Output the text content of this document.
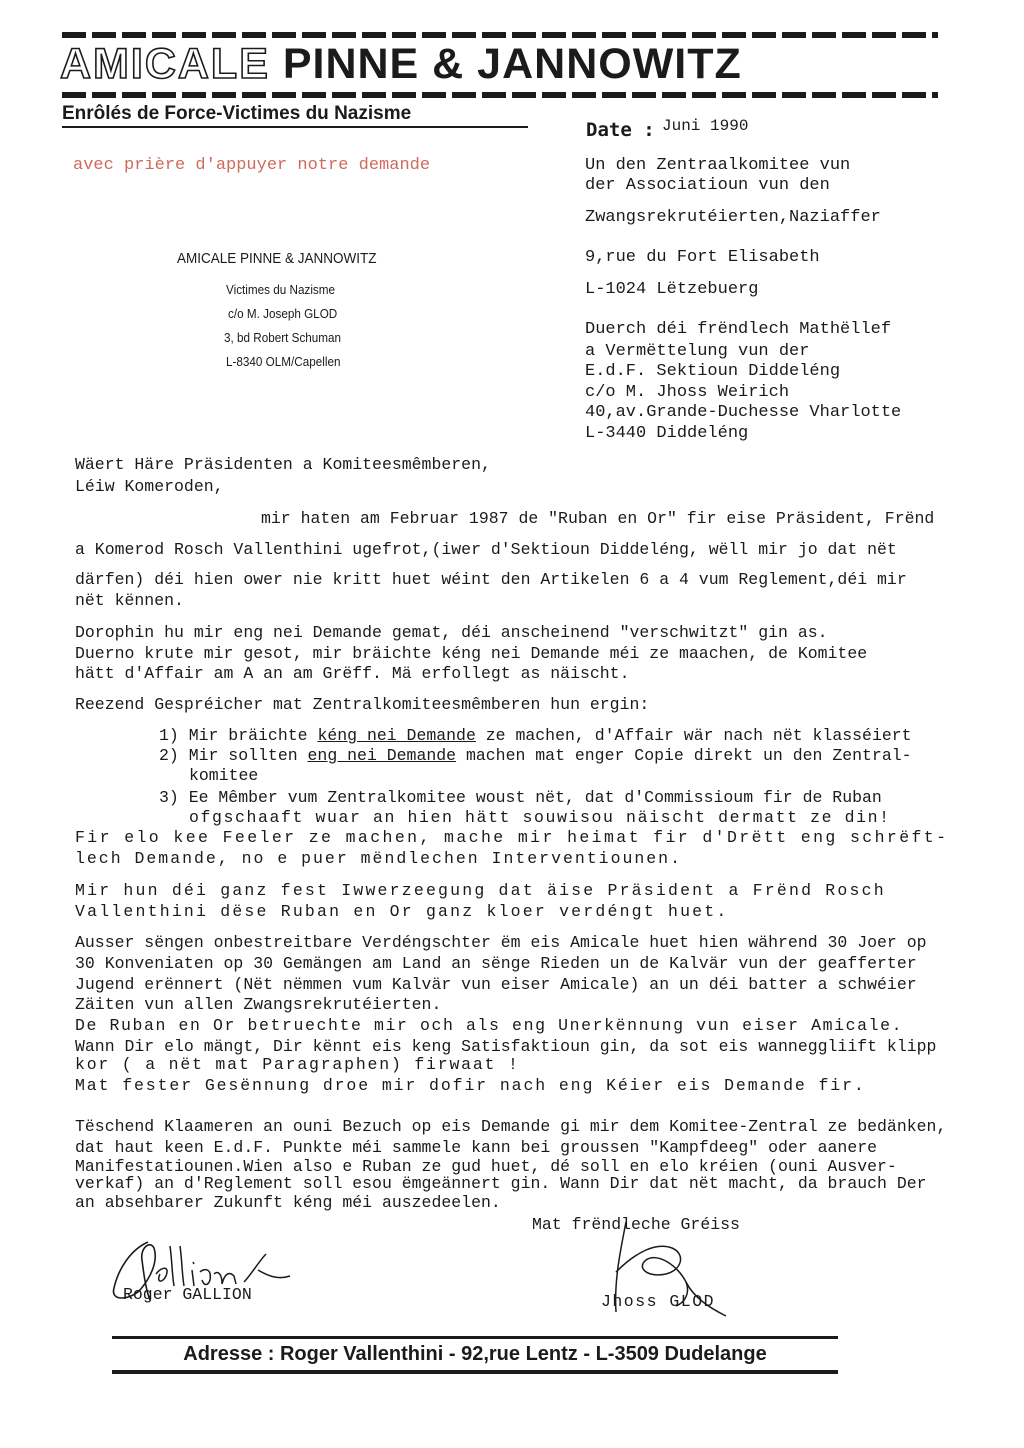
AMICALE PINNE & JANNOWITZ
Enrôlés de Force-Victimes du Nazisme
Date : Juni 1990
avec prière d'appuyer notre demande
AMICALE PINNE & JANNOWITZ
Victimes du Nazisme
c/o M. Joseph GLOD
3, bd Robert Schuman
L-8340 OLM/Capellen
Un den Zentraalkomitee vun
der Associatioun vun den
Zwangsrekrutéierten,Naziaffer
9,rue du Fort Elisabeth
L-1024 Lëtzebuerg
Duerch déi frëndlech Mathëllef
a Vermëttelung vun der
E.d.F. Sektioun Diddeléng
c/o M. Jhoss Weirich
40,av.Grande-Duchesse Vharlotte
L-3440 Diddeléng
Wäert Häre Präsidenten a Komiteesmêmberen,
Léiw Komeroden,
mir haten am Februar 1987 de "Ruban en Or" fir eise Präsident, Frënd
a Komerod Rosch Vallenthini ugefrot,(iwer d'Sektioun Diddeléng, wëll mir jo dat nët
därfen) déi hien ower nie kritt huet wéint den Artikelen 6 a 4 vum Reglement,déi mir
nët kënnen.
Dorophin hu mir eng nei Demande gemat, déi anscheinend "verschwitzt" gin as.
Duerno krute mir gesot, mir bräichte kéng nei Demande méi ze maachen, de Komitee
hätt d'Affair am A an am Grëff. Mä erfollegt as näischt.
Reezend Gespréicher mat Zentralkomiteesmêmberen hun ergin:
1) Mir bräichte kéng nei Demande ze machen, d'Affair wär nach nët klasséiert
2) Mir sollten eng nei Demande machen mat enger Copie direkt un den Zentral-
komitee
3) Ee Mêmber vum Zentralkomitee woust nët, dat d'Commissioum fir de Ruban
ofgschaaft wuar an hien hätt souwisou näischt dermatt ze din!
Fir elo kee Feeler ze machen, mache mir heimat fir d'Drëtt eng schrëft-
lech Demande, no e puer mëndlechen Interventiounen.
Mir hun déi ganz fest Iwwerzeegung dat äise Präsident a Frënd Rosch
Vallenthini dëse Ruban en Or ganz kloer verdéngt huet.
Ausser sëngen onbestreitbare Verdéngschter ëm eis Amicale huet hien während 30 Joer op
30 Konveniaten op 30 Gemängen am Land an sënge Rieden un de Kalvär vun der geafferter
Jugend erënnert (Nët nëmmen vum Kalvär vun eiser Amicale) an un déi batter a schwéier
Zäiten vun allen Zwangsrekrutéierten.
De Ruban en Or betruechte mir och als eng Unerkënnung vun eiser Amicale.
Wann Dir elo mängt, Dir kënnt eis keng Satisfaktioun gin, da sot eis wanneggliift klipp
kor ( a nët mat Paragraphen) firwaat !
Mat fester Gesënnung droe mir dofir nach eng Kéier eis Demande fir.
Tëschend Klaameren an ouni Bezuch op eis Demande gi mir dem Komitee-Zentral ze bedänken,
dat haut keen E.d.F. Punkte méi sammele kann bei groussen "Kampfdeeg" oder aanere
Manifestatiounen.Wien also e Ruban ze gud huet, dé soll en elo kréien (ouni Ausver-
verkaf) an d'Reglement soll esou ëmgeännert gin. Wann Dir dat nët macht, da brauch Der
an absehbarer Zukunft kéng méi auszedeelen.
Mat frëndleche Gréiss
Roger GALLION	Jhoss GLOD
Adresse : Roger Vallenthini - 92,rue Lentz - L-3509 Dudelange
